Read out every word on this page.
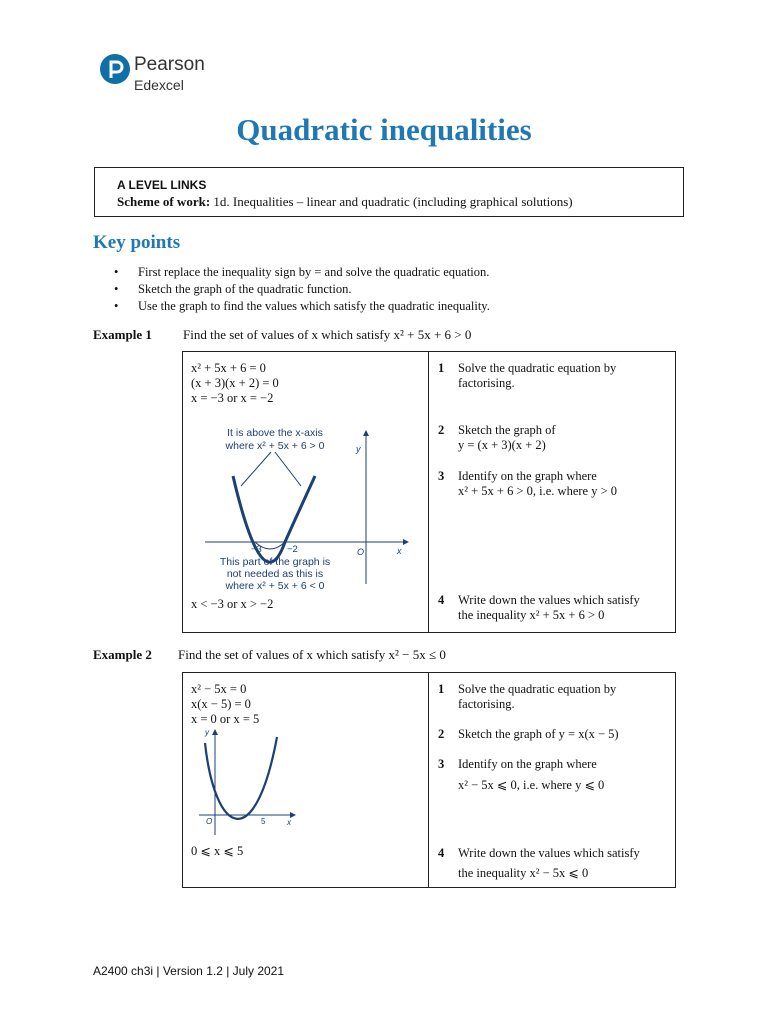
Pearson
Edexcel
Quadratic inequalities
A LEVEL LINKS
Scheme of work: 1d. Inequalities – linear and quadratic (including graphical solutions)
Key points
• First replace the inequality sign by = and solve the quadratic equation.
• Sketch the graph of the quadratic function.
• Use the graph to find the values which satisfy the quadratic inequality.
Example 1 Find the set of values of x which satisfy x² + 5x + 6 > 0
x² + 5x + 6 = 0
(x + 3)(x + 2) = 0
x = −3 or x = −2
It is above the x-axis
where x² + 5x + 6 > 0	y
x
O
−3	−2
This part of the graph is
not needed as this is
where x² + 5x + 6 < 0
x < −3 or x > −2
1 Solve the quadratic equation by
factorising.
2 Sketch the graph of
y = (x + 3)(x + 2)
3 Identify on the graph where
x² + 5x + 6 > 0, i.e. where y > 0
4 Write down the values which satisfy
the inequality x² + 5x + 6 > 0
Example 2 Find the set of values of x which satisfy x² − 5x ≤ 0
x² − 5x = 0
x(x − 5) = 0
x = 0 or x = 5
y
x
O	5
0 ⩽ x ⩽ 5
1 Solve the quadratic equation by
factorising.
2 Sketch the graph of y = x(x − 5)
3 Identify on the graph where
x² − 5x ⩽ 0, i.e. where y ⩽ 0
4 Write down the values which satisfy
the inequality x² − 5x ⩽ 0
A2400 ch3i | Version 1.2 | July 2021
